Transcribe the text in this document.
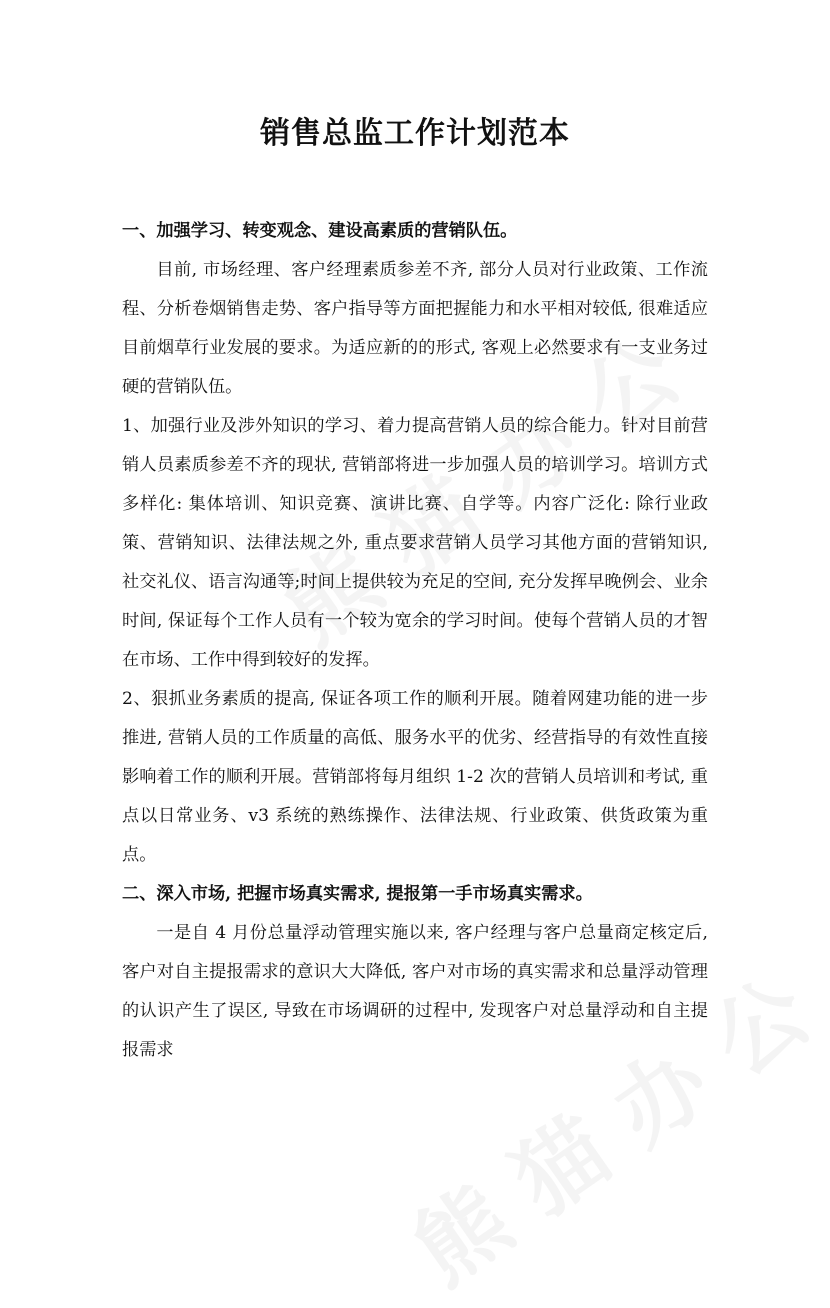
销售总监工作计划范本

一、加强学习、转变观念、建设高素质的营销队伍。

目前, 市场经理、客户经理素质参差不齐, 部分人员对行业政策、工作流程、分析卷烟销售走势、客户指导等方面把握能力和水平相对较低, 很难适应目前烟草行业发展的要求。为适应新的的形式, 客观上必然要求有一支业务过硬的营销队伍。

1、加强行业及涉外知识的学习、着力提高营销人员的综合能力。针对目前营销人员素质参差不齐的现状, 营销部将进一步加强人员的培训学习。培训方式多样化: 集体培训、知识竞赛、演讲比赛、自学等。内容广泛化: 除行业政策、营销知识、法律法规之外, 重点要求营销人员学习其他方面的营销知识, 社交礼仪、语言沟通等;时间上提供较为充足的空间, 充分发挥早晚例会、业余时间, 保证每个工作人员有一个较为宽余的学习时间。使每个营销人员的才智在市场、工作中得到较好的发挥。

2、狠抓业务素质的提高, 保证各项工作的顺利开展。随着网建功能的进一步推进, 营销人员的工作质量的高低、服务水平的优劣、经营指导的有效性直接影响着工作的顺利开展。营销部将每月组织 1-2 次的营销人员培训和考试, 重点以日常业务、v3 系统的熟练操作、法律法规、行业政策、供货政策为重点。

二、深入市场, 把握市场真实需求, 提报第一手市场真实需求。

一是自 4 月份总量浮动管理实施以来, 客户经理与客户总量商定核定后, 客户对自主提报需求的意识大大降低, 客户对市场的真实需求和总量浮动管理的认识产生了误区, 导致在市场调研的过程中, 发现客户对总量浮动和自主提报需求
